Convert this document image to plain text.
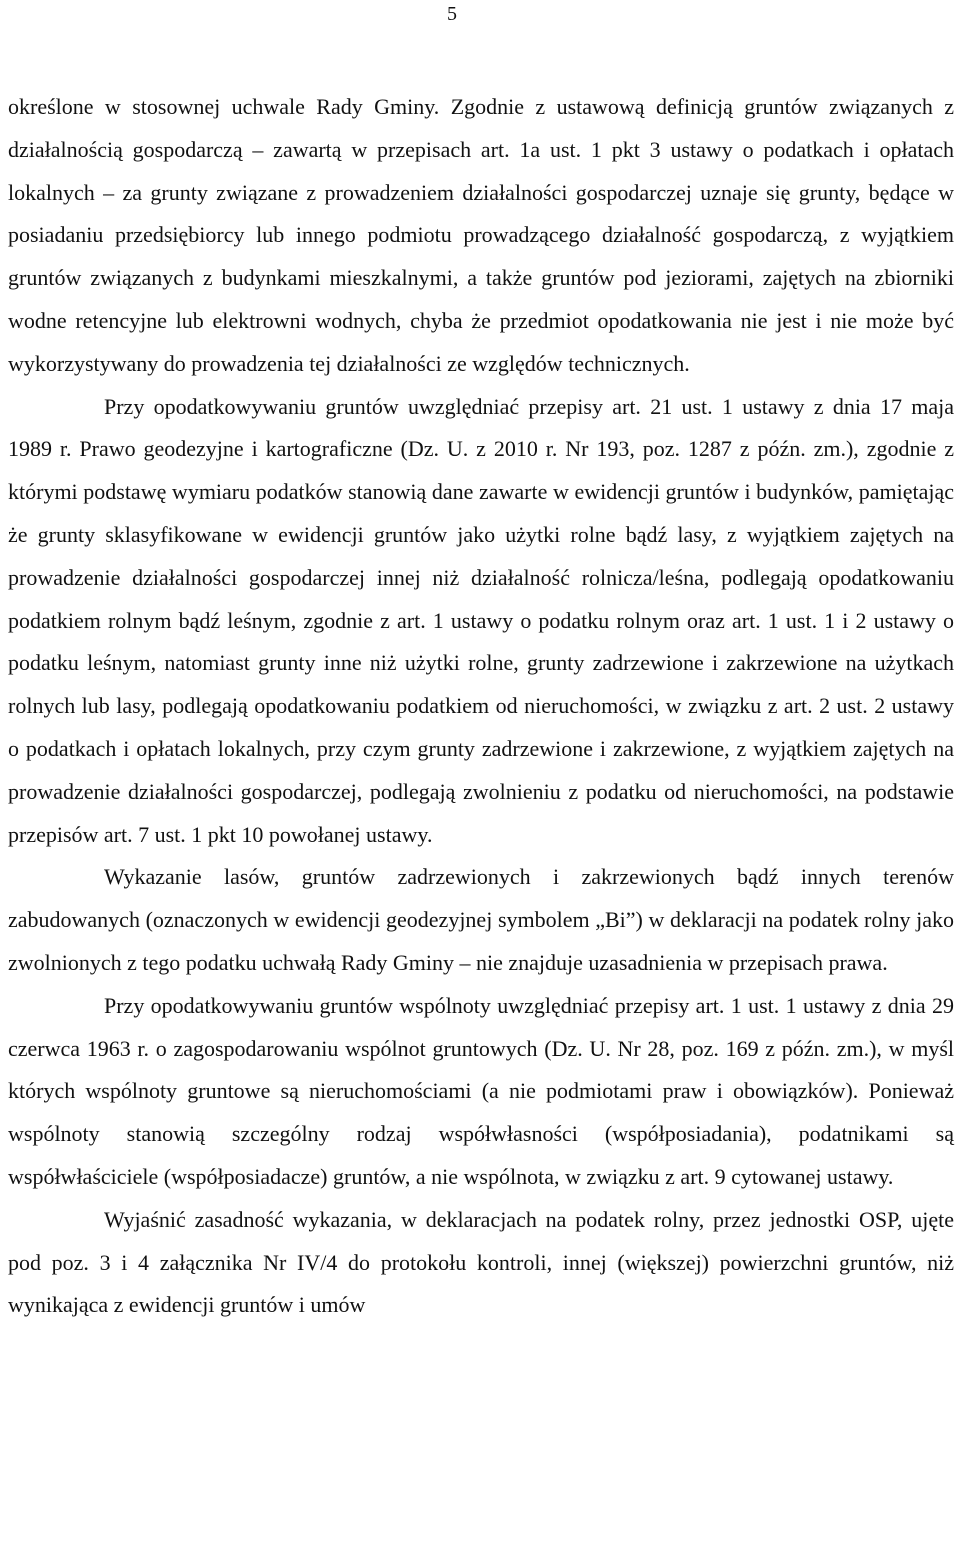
5

określone w stosownej uchwale Rady Gminy. Zgodnie z ustawową definicją gruntów związanych z działalnością gospodarczą – zawartą w przepisach art. 1a ust. 1 pkt 3 ustawy o podatkach i opłatach lokalnych – za grunty związane z prowadzeniem działalności gospodarczej uznaje się grunty, będące w posiadaniu przedsiębiorcy lub innego podmiotu prowadzącego działalność gospodarczą, z wyjątkiem gruntów związanych z budynkami mieszkalnymi, a także gruntów pod jeziorami, zajętych na zbiorniki wodne retencyjne lub elektrowni wodnych, chyba że przedmiot opodatkowania nie jest i nie może być wykorzystywany do prowadzenia tej działalności ze względów technicznych.

Przy opodatkowywaniu gruntów uwzględniać przepisy art. 21 ust. 1 ustawy z dnia 17 maja 1989 r. Prawo geodezyjne i kartograficzne (Dz. U. z 2010 r. Nr 193, poz. 1287 z późn. zm.), zgodnie z którymi podstawę wymiaru podatków stanowią dane zawarte w ewidencji gruntów i budynków, pamiętając że grunty sklasyfikowane w ewidencji gruntów jako użytki rolne bądź lasy, z wyjątkiem zajętych na prowadzenie działalności gospodarczej innej niż działalność rolnicza/leśna, podlegają opodatkowaniu podatkiem rolnym bądź leśnym, zgodnie z art. 1 ustawy o podatku rolnym oraz art. 1 ust. 1 i 2 ustawy o podatku leśnym, natomiast grunty inne niż użytki rolne, grunty zadrzewione i zakrzewione na użytkach rolnych lub lasy, podlegają opodatkowaniu podatkiem od nieruchomości, w związku z art. 2 ust. 2 ustawy o podatkach i opłatach lokalnych, przy czym grunty zadrzewione i zakrzewione, z wyjątkiem zajętych na prowadzenie działalności gospodarczej, podlegają zwolnieniu z podatku od nieruchomości, na podstawie przepisów art. 7 ust. 1 pkt 10 powołanej ustawy.

Wykazanie lasów, gruntów zadrzewionych i zakrzewionych bądź innych terenów zabudowanych (oznaczonych w ewidencji geodezyjnej symbolem „Bi”) w deklaracji na podatek rolny jako zwolnionych z tego podatku uchwałą Rady Gminy – nie znajduje uzasadnienia w przepisach prawa.

Przy opodatkowywaniu gruntów wspólnoty uwzględniać przepisy art. 1 ust. 1 ustawy z dnia 29 czerwca 1963 r. o zagospodarowaniu wspólnot gruntowych (Dz. U. Nr 28, poz. 169 z późn. zm.), w myśl których wspólnoty gruntowe są nieruchomościami (a nie podmiotami praw i obowiązków). Ponieważ wspólnoty stanowią szczególny rodzaj współwłasności (współposiadania), podatnikami są współwłaściciele (współposiadacze) gruntów, a nie wspólnota, w związku z art. 9 cytowanej ustawy.

Wyjaśnić zasadność wykazania, w deklaracjach na podatek rolny, przez jednostki OSP, ujęte pod poz. 3 i 4 załącznika Nr IV/4 do protokołu kontroli, innej (większej) powierzchni gruntów, niż wynikająca z ewidencji gruntów i umów
